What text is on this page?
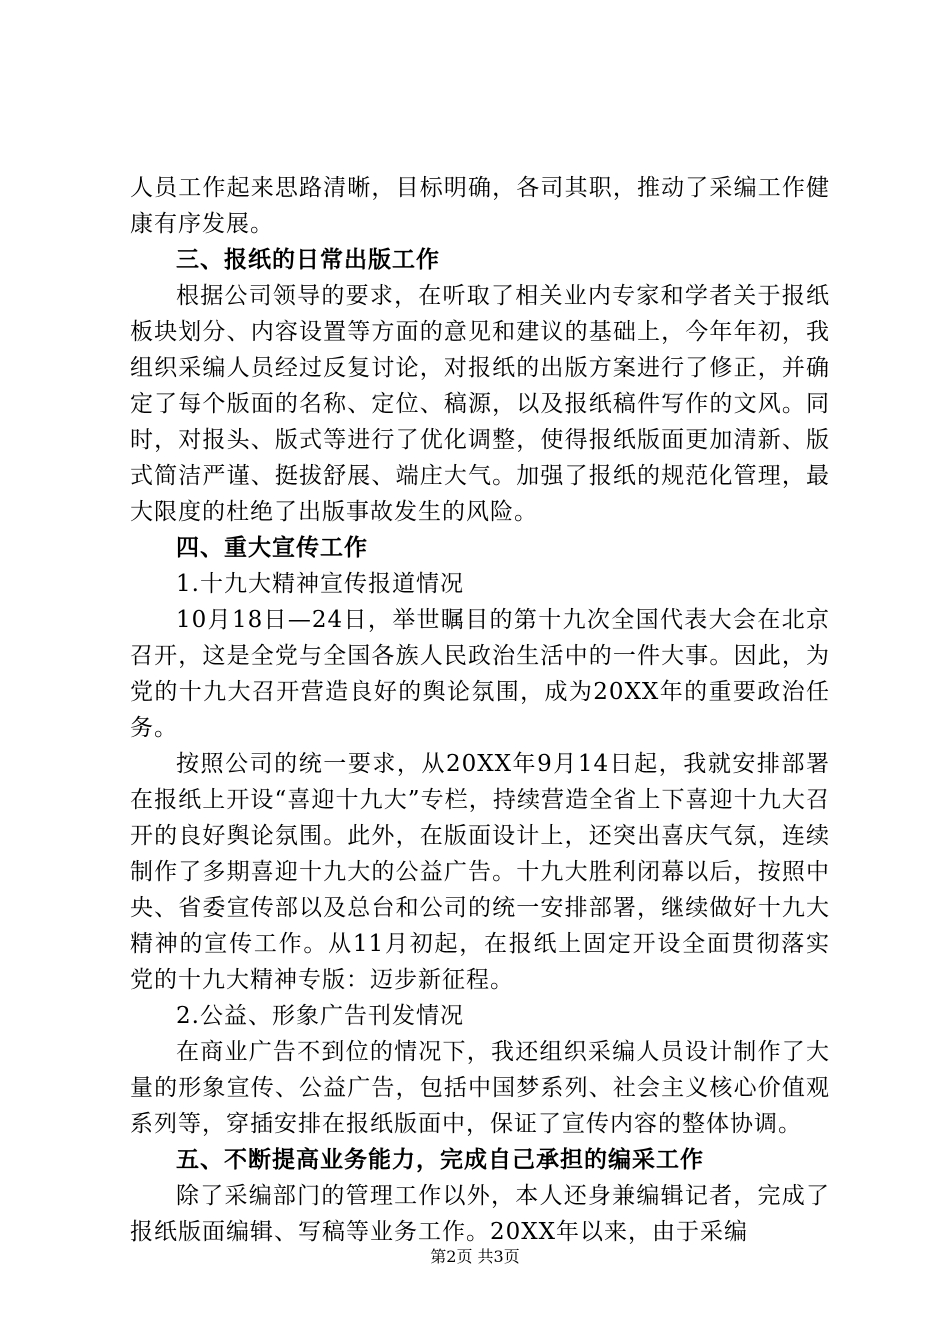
人员工作起来思路清晰，目标明确，各司其职，推动了采编工作健康有序发展。

三、报纸的日常出版工作

根据公司领导的要求，在听取了相关业内专家和学者关于报纸板块划分、内容设置等方面的意见和建议的基础上，今年年初，我组织采编人员经过反复讨论，对报纸的出版方案进行了修正，并确定了每个版面的名称、定位、稿源，以及报纸稿件写作的文风。同时，对报头、版式等进行了优化调整，使得报纸版面更加清新、版式简洁严谨、挺拔舒展、端庄大气。加强了报纸的规范化管理，最大限度的杜绝了出版事故发生的风险。

四、重大宣传工作

1.十九大精神宣传报道情况

10月18日—24日，举世瞩目的第十九次全国代表大会在北京召开，这是全党与全国各族人民政治生活中的一件大事。因此，为党的十九大召开营造良好的舆论氛围，成为20XX年的重要政治任务。

按照公司的统一要求，从20XX年9月14日起，我就安排部署在报纸上开设“喜迎十九大”专栏，持续营造全省上下喜迎十九大召开的良好舆论氛围。此外，在版面设计上，还突出喜庆气氛，连续制作了多期喜迎十九大的公益广告。十九大胜利闭幕以后，按照中央、省委宣传部以及总台和公司的统一安排部署，继续做好十九大精神的宣传工作。从11月初起，在报纸上固定开设全面贯彻落实党的十九大精神专版：迈步新征程。

2.公益、形象广告刊发情况

在商业广告不到位的情况下，我还组织采编人员设计制作了大量的形象宣传、公益广告，包括中国梦系列、社会主义核心价值观系列等，穿插安排在报纸版面中，保证了宣传内容的整体协调。

五、不断提高业务能力，完成自己承担的编采工作

除了采编部门的管理工作以外，本人还身兼编辑记者，完成了报纸版面编辑、写稿等业务工作。20XX年以来，由于采编

第2页 共3页
